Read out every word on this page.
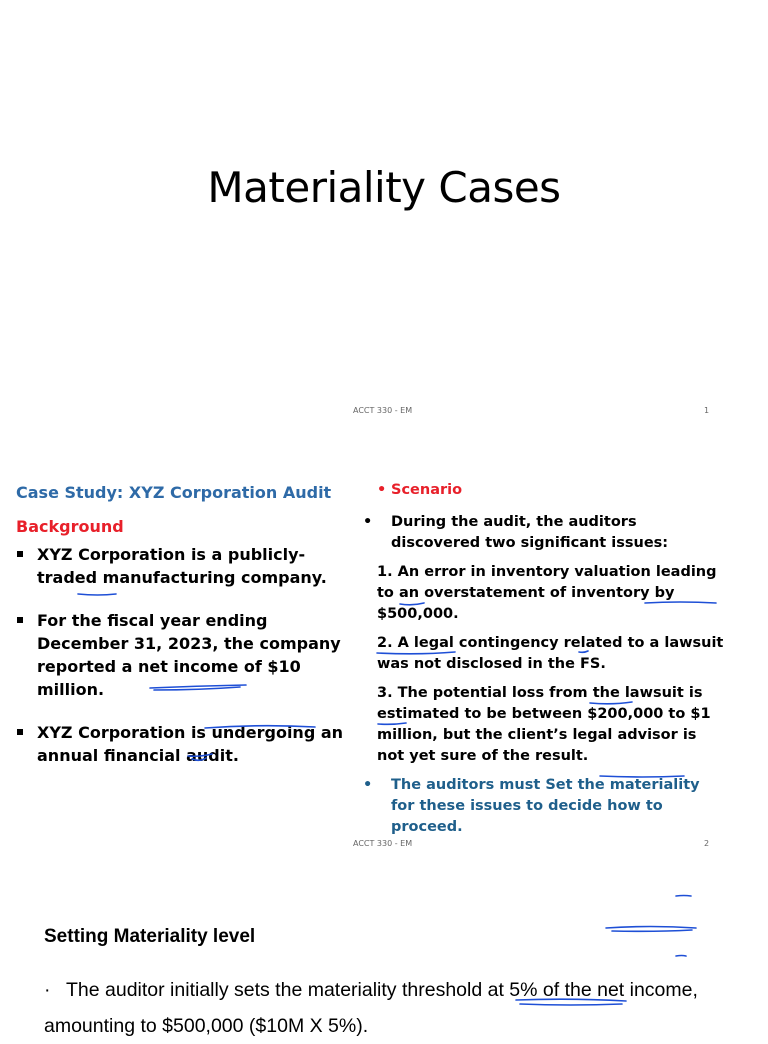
Materiality Cases
ACCT 330 - EM	1
Case Study: XYZ Corporation Audit
Background
XYZ Corporation is a publicly-traded manufacturing company.
For the fiscal year ending December 31, 2023, the company reported a net income of $10 million.
XYZ Corporation is undergoing an annual financial audit.
• Scenario
• During the audit, the auditors discovered two significant issues:
1. An error in inventory valuation leading to an overstatement of inventory by $500,000.
2. A legal contingency related to a lawsuit was not disclosed in the FS.
3. The potential loss from the lawsuit is estimated to be between $200,000 to $1 million, but the client’s legal advisor is not yet sure of the result.
• The auditors must Set the materiality for these issues to decide how to proceed.
ACCT 330 - EM	2
Setting Materiality level
· The auditor initially sets the materiality threshold at 5% of the net income, amounting to $500,000 ($10M X 5%).
